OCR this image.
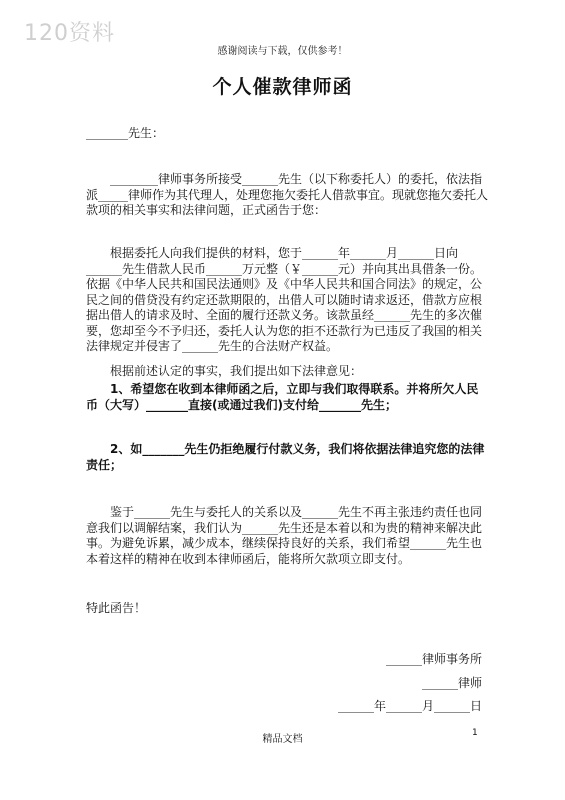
120资料
感谢阅读与下载，仅供参考！
个人催款律师函
_______先生：
________律师事务所接受______先生（以下称委托人）的委托，依法指派_____律师作为其代理人，处理您拖欠委托人借款事宜。现就您拖欠委托人款项的相关事实和法律问题，正式函告于您：
根据委托人向我们提供的材料，您于______年______月______日向______先生借款人民币______万元整（￥______元）并向其出具借条一份。依据《中华人民共和国民法通则》及《中华人民共和国合同法》的规定，公民之间的借贷没有约定还款期限的，出借人可以随时请求返还，借款方应根据出借人的请求及时、全面的履行还款义务。该款虽经______先生的多次催要，您却至今不予归还，委托人认为您的拒不还款行为已违反了我国的相关法律规定并侵害了______先生的合法财产权益。
根据前述认定的事实，我们提出如下法律意见：
1、希望您在收到本律师函之后，立即与我们取得联系。并将所欠人民币（大写）_______直接(或通过我们)支付给_______先生；
2、如_______先生仍拒绝履行付款义务，我们将依据法律追究您的法律责任；
鉴于______先生与委托人的关系以及______先生不再主张违约责任也同意我们以调解结案，我们认为______先生还是本着以和为贵的精神来解决此事。为避免诉累，减少成本，继续保持良好的关系，我们希望______先生也本着这样的精神在收到本律师函后，能将所欠款项立即支付。
特此函告！
______律师事务所
______律师
______年______月______日
精品文档
1
